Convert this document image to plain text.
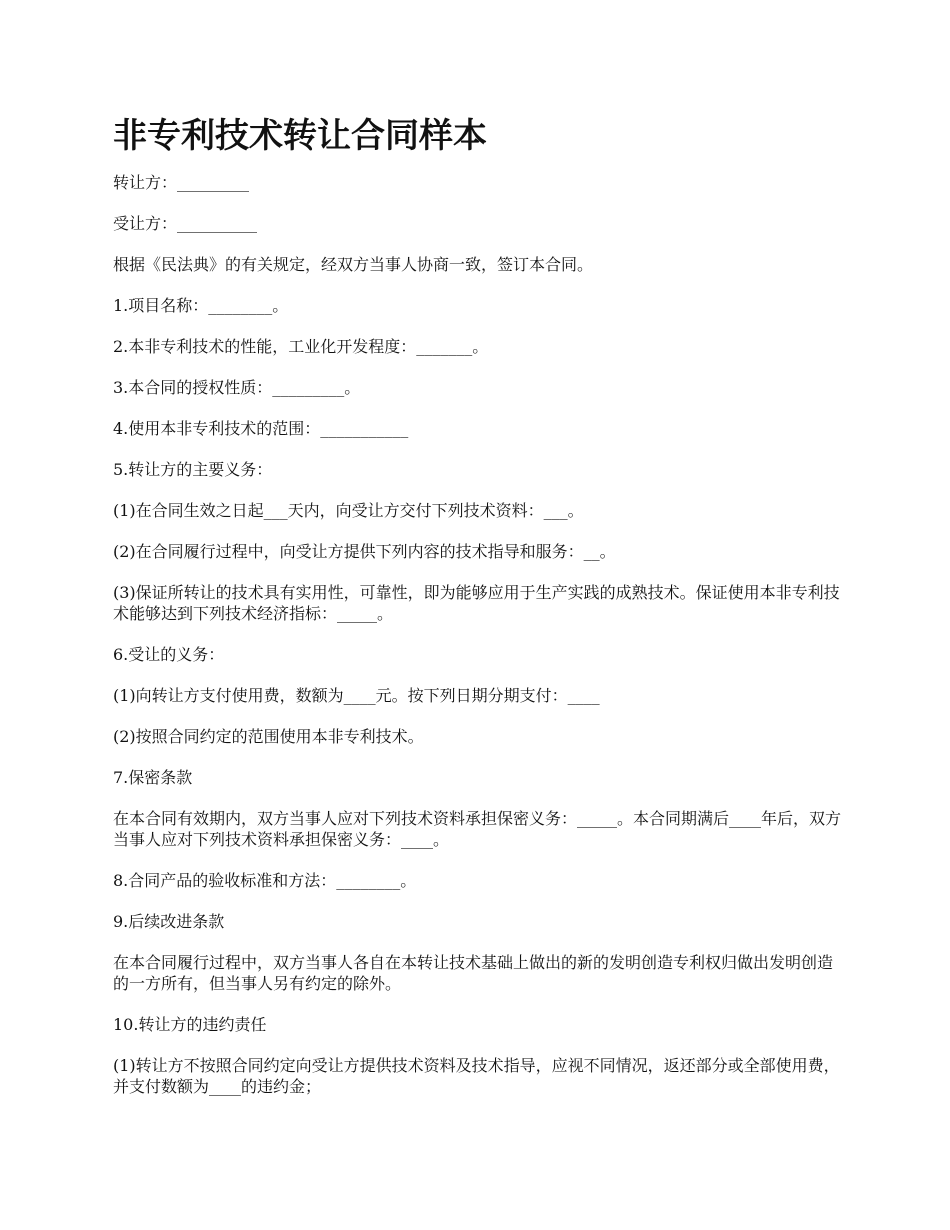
非专利技术转让合同样本

转让方：_________

受让方：__________

根据《民法典》的有关规定，经双方当事人协商一致，签订本合同。

1.项目名称：________。

2.本非专利技术的性能，工业化开发程度：_______。

3.本合同的授权性质：_________。

4.使用本非专利技术的范围：___________

5.转让方的主要义务：

(1)在合同生效之日起___天内，向受让方交付下列技术资料：___。

(2)在合同履行过程中，向受让方提供下列内容的技术指导和服务：__。

(3)保证所转让的技术具有实用性，可靠性，即为能够应用于生产实践的成熟技术。保证使用本非专利技术能够达到下列技术经济指标：_____。

6.受让的义务：

(1)向转让方支付使用费，数额为____元。按下列日期分期支付：____

(2)按照合同约定的范围使用本非专利技术。

7.保密条款

在本合同有效期内，双方当事人应对下列技术资料承担保密义务：_____。本合同期满后____年后，双方当事人应对下列技术资料承担保密义务：____。

8.合同产品的验收标准和方法：________。

9.后续改进条款

在本合同履行过程中，双方当事人各自在本转让技术基础上做出的新的发明创造专利权归做出发明创造的一方所有，但当事人另有约定的除外。

10.转让方的违约责任

(1)转让方不按照合同约定向受让方提供技术资料及技术指导，应视不同情况，返还部分或全部使用费，并支付数额为____的违约金；
